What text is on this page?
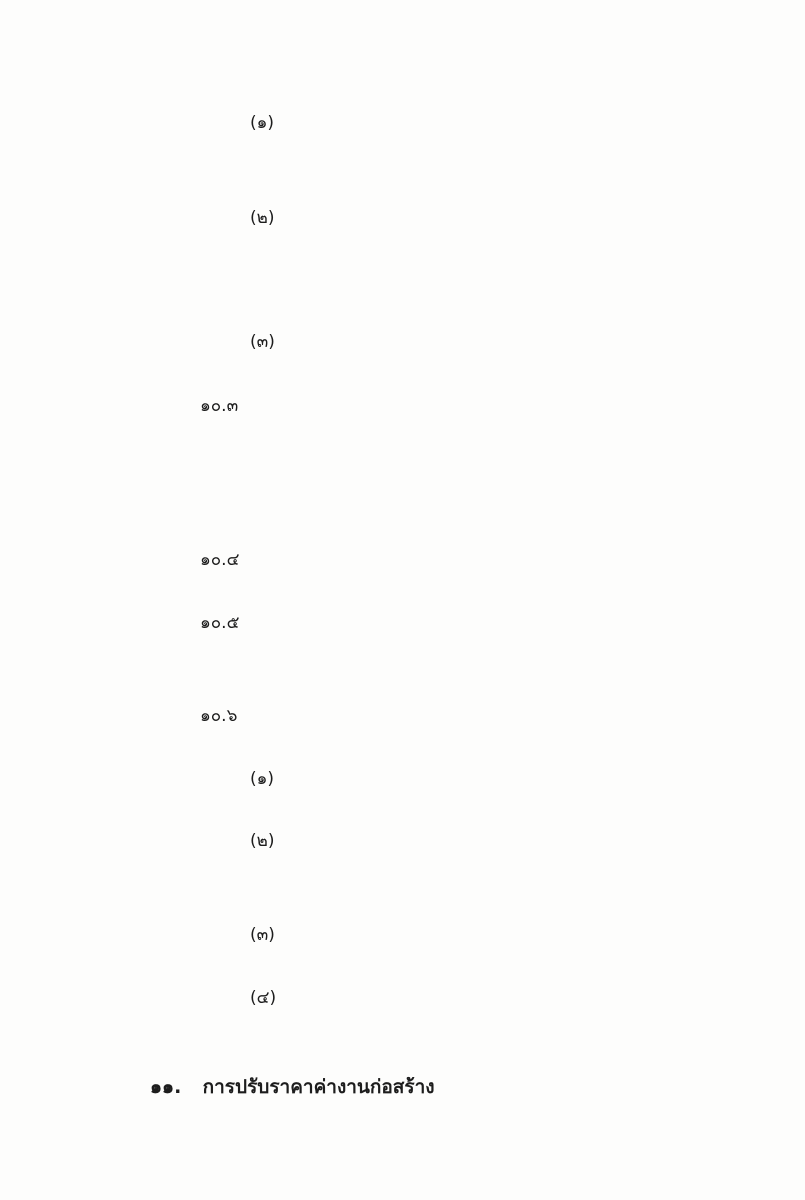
(๑)
(๒)
(๓)
๑๐.๓
๑๐.๔
๑๐.๕
๑๐.๖
(๑)
(๒)
(๓)
(๔)
๑๑. การปรับราคาค่างานก่อสร้าง
